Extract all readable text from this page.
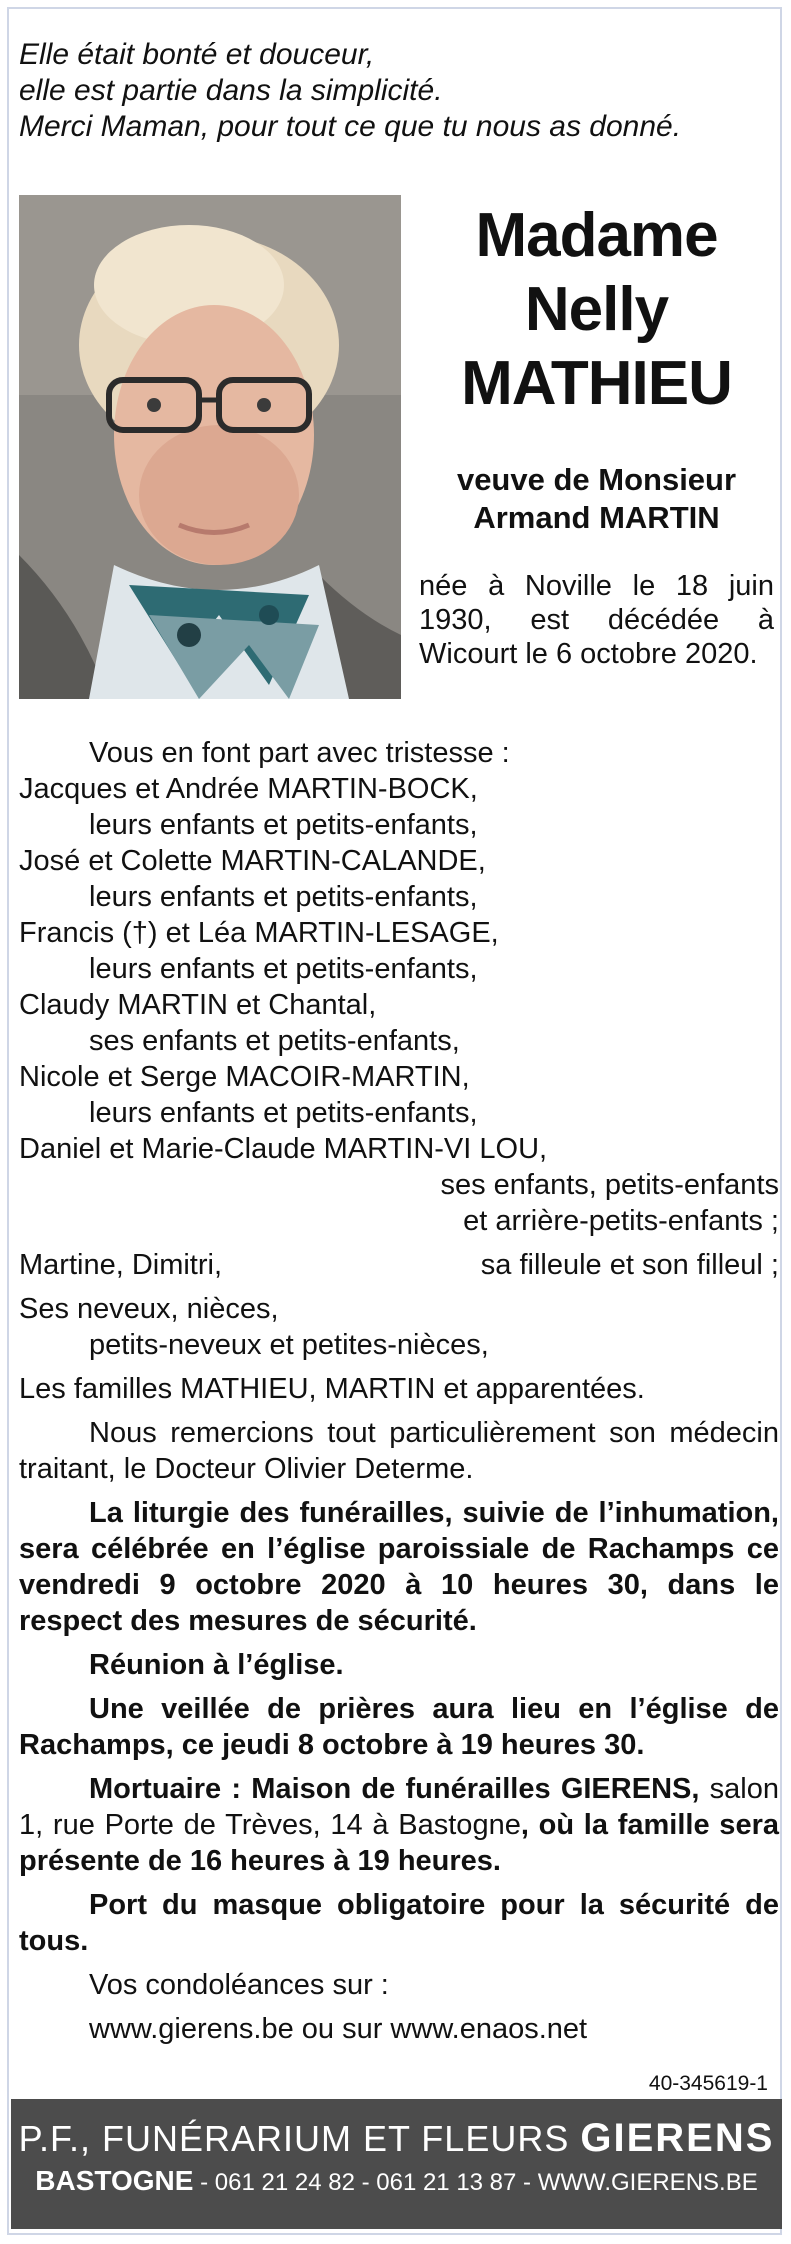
Elle était bonté et douceur,
elle est partie dans la simplicité.
Merci Maman, pour tout ce que tu nous as donné.
Madame
Nelly
MATHIEU
veuve de Monsieur
Armand MARTIN
née à Noville le 18 juin 1930, est décédée à Wicourt le 6 octobre 2020.
Vous en font part avec tristesse :
Jacques et Andrée MARTIN-BOCK,
leurs enfants et petits-enfants,
José et Colette MARTIN-CALANDE,
leurs enfants et petits-enfants,
Francis (†) et Léa MARTIN-LESAGE,
leurs enfants et petits-enfants,
Claudy MARTIN et Chantal,
ses enfants et petits-enfants,
Nicole et Serge MACOIR-MARTIN,
leurs enfants et petits-enfants,
Daniel et Marie-Claude MARTIN-VI LOU,
ses enfants, petits-enfants
et arrière-petits-enfants ;
Martine, Dimitri,	sa filleule et son filleul ;
Ses neveux, nièces,
petits-neveux et petites-nièces,
Les familles MATHIEU, MARTIN et apparentées.
Nous remercions tout particulièrement son médecin traitant, le Docteur Olivier Determe.
La liturgie des funérailles, suivie de l’inhumation, sera célébrée en l’église paroissiale de Rachamps ce vendredi 9 octobre 2020 à 10 heures 30, dans le respect des mesures de sécurité.
Réunion à l’église.
Une veillée de prières aura lieu en l’église de Rachamps, ce jeudi 8 octobre à 19 heures 30.
Mortuaire : Maison de funérailles GIERENS, salon 1, rue Porte de Trèves, 14 à Bastogne, où la famille sera présente de 16 heures à 19 heures.
Port du masque obligatoire pour la sécurité de tous.
Vos condoléances sur :
www.gierens.be ou sur www.enaos.net
40-345619-1
P.F., FUNÉRARIUM ET FLEURS GIERENS
BASTOGNE - 061 21 24 82 - 061 21 13 87 - WWW.GIERENS.BE
